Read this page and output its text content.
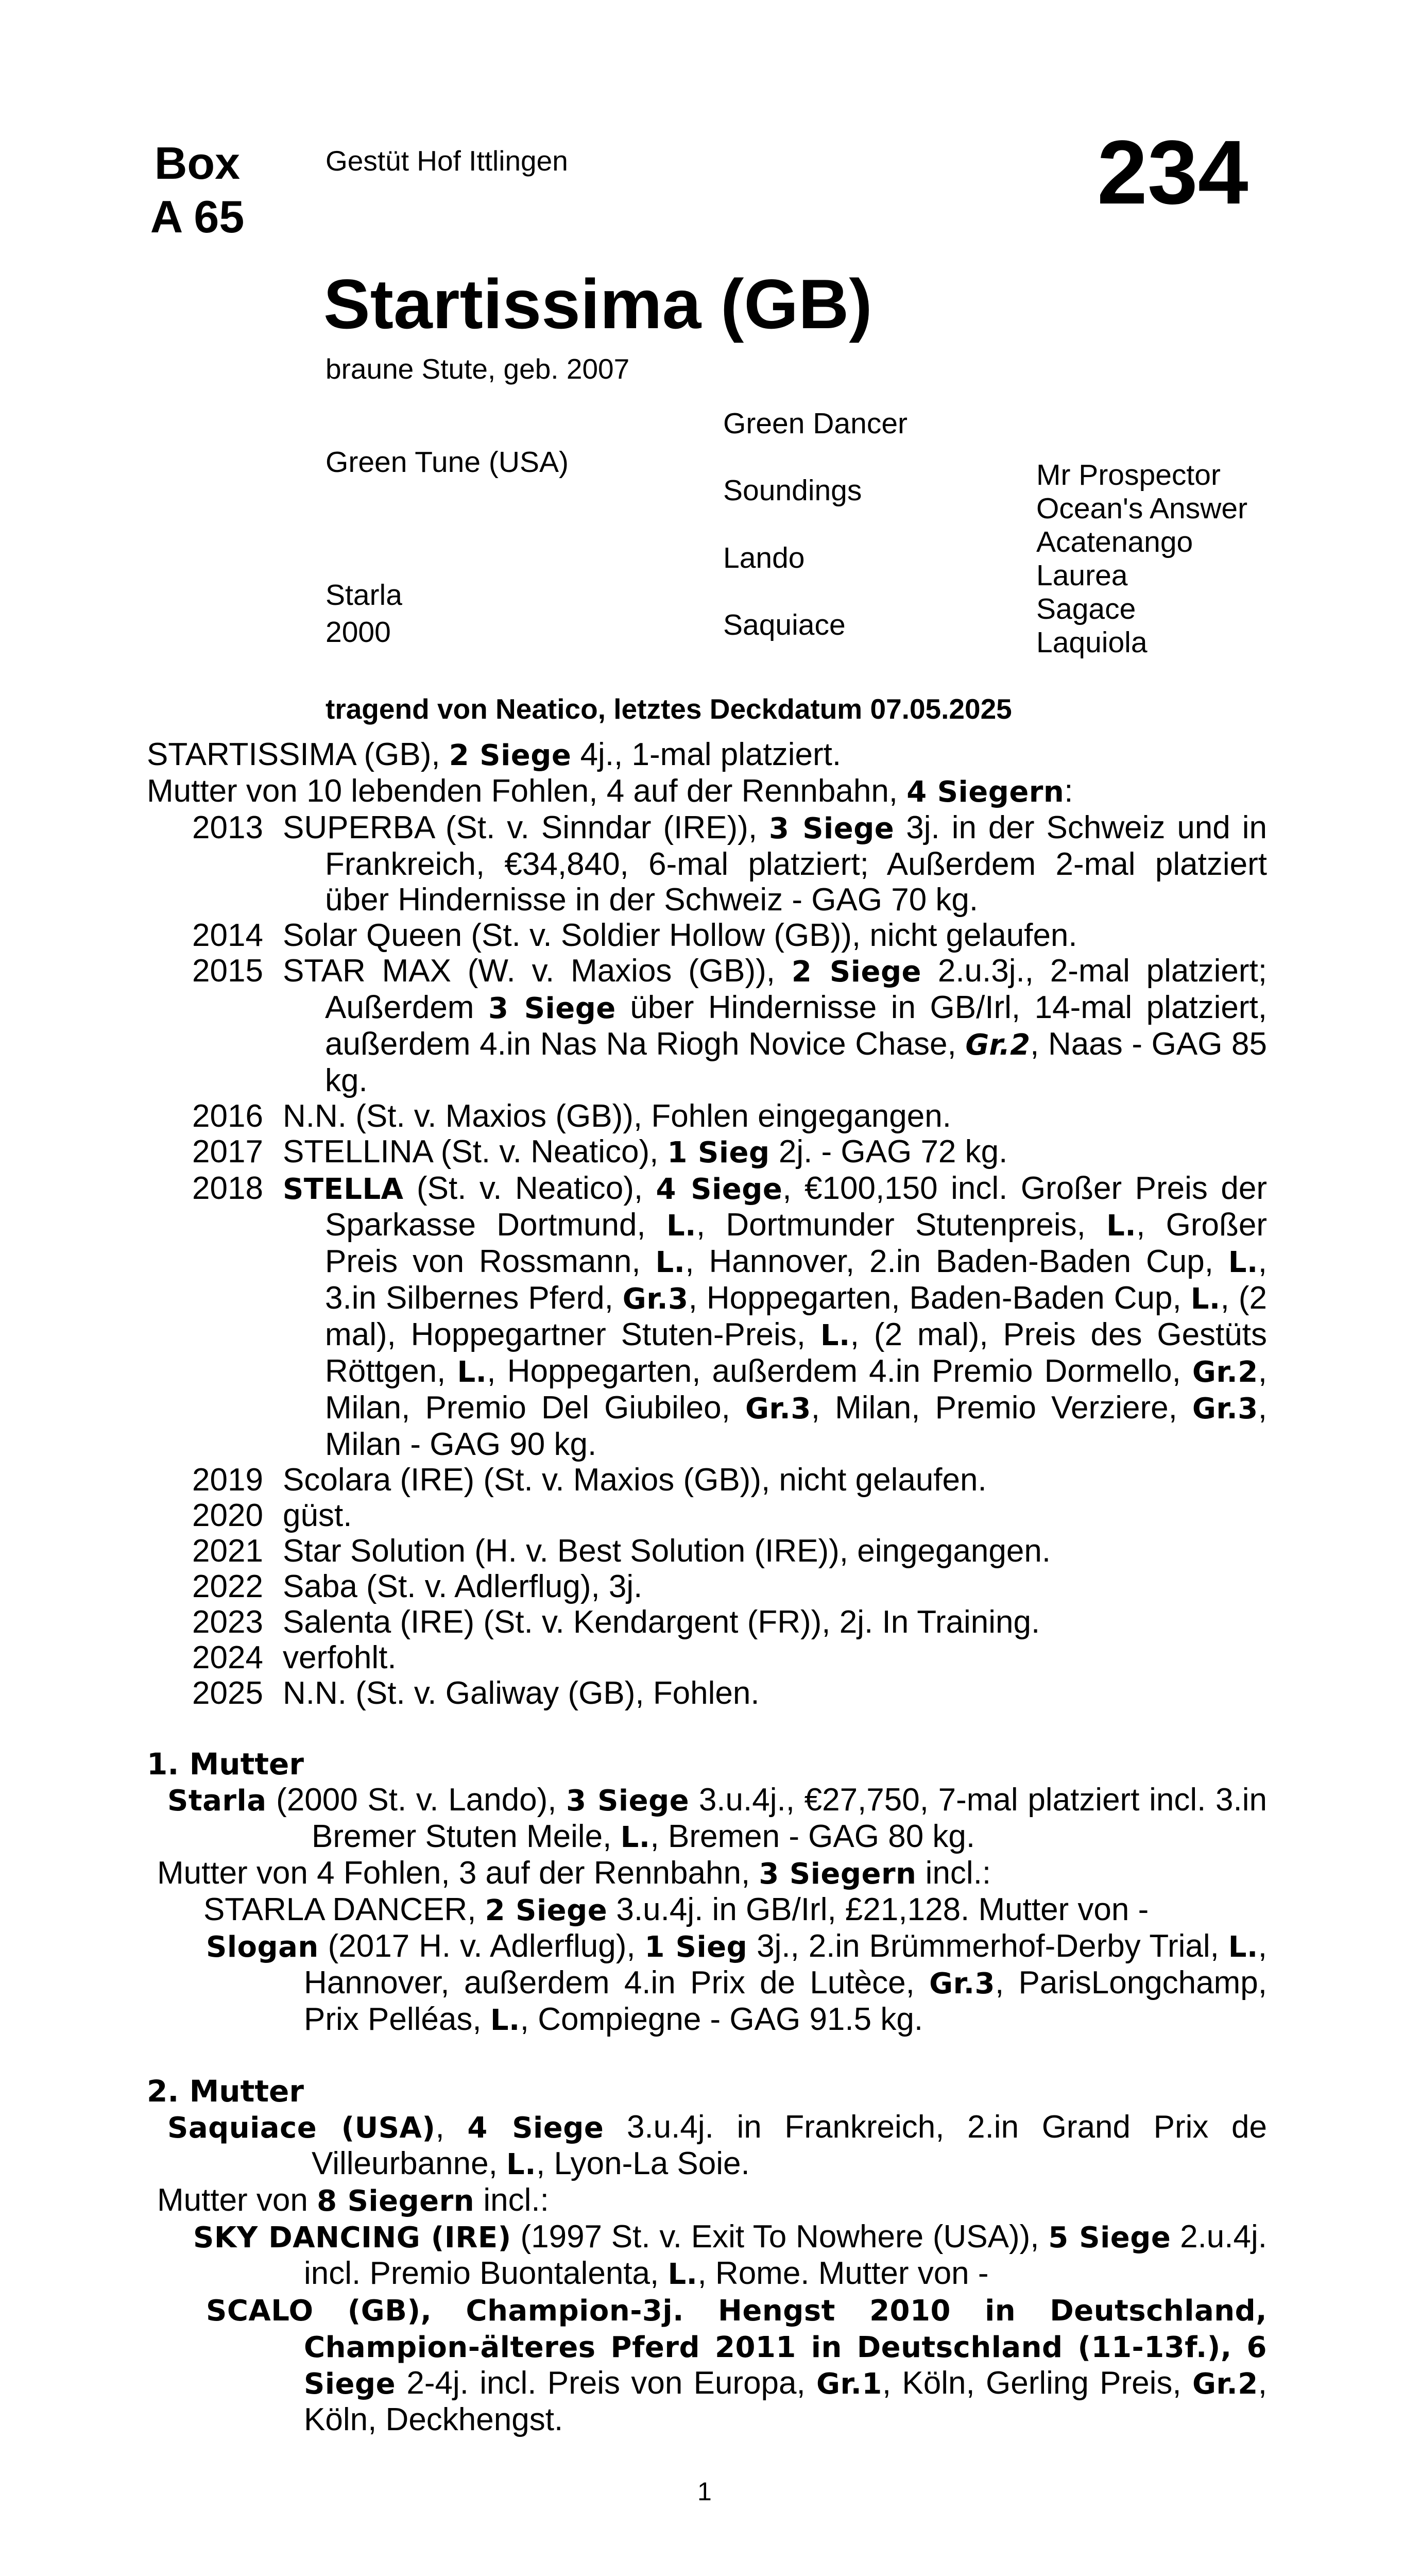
Box
A 65
Gestüt Hof Ittlingen	234
Startissima (GB)
braune Stute, geb. 2007
Green Tune (USA)
Starla
2000
Green Dancer
Soundings
Lando
Saquiace
Mr Prospector
Ocean's Answer
Acatenango
Laurea
Sagace
Laquiola
tragend von Neatico, letztes Deckdatum 07.05.2025

STARTISSIMA (GB), 2 Siege 4j., 1-mal platziert.

Mutter von 10 lebenden Fohlen, 4 auf der Rennbahn, 4 Siegern:

2013 SUPERBA (St. v. Sinndar (IRE)), 3 Siege 3j. in der Schweiz und in Frankreich, €34,840, 6-mal platziert; Außerdem 2-mal platziert über Hindernisse in der Schweiz - GAG 70 kg.

2014 Solar Queen (St. v. Soldier Hollow (GB)), nicht gelaufen.

2015 STAR MAX (W. v. Maxios (GB)), 2 Siege 2.u.3j., 2-mal platziert; Außerdem 3 Siege über Hindernisse in GB/Irl, 14-mal platziert, außerdem 4.in Nas Na Riogh Novice Chase, Gr.2, Naas - GAG 85 kg.

2016 N.N. (St. v. Maxios (GB)), Fohlen eingegangen.

2017 STELLINA (St. v. Neatico), 1 Sieg 2j. - GAG 72 kg.

2018 STELLA (St. v. Neatico), 4 Siege, €100,150 incl. Großer Preis der Sparkasse Dortmund, L., Dortmunder Stutenpreis, L., Großer Preis von Rossmann, L., Hannover, 2.in Baden-Baden Cup, L., 3.in Silbernes Pferd, Gr.3, Hoppegarten, Baden-Baden Cup, L., (2 mal), Hoppegartner Stuten-Preis, L., (2 mal), Preis des Gestüts Röttgen, L., Hoppegarten, außerdem 4.in Premio Dormello, Gr.2, Milan, Premio Del Giubileo, Gr.3, Milan, Premio Verziere, Gr.3, Milan - GAG 90 kg.

2019 Scolara (IRE) (St. v. Maxios (GB)), nicht gelaufen.

2020 güst.

2021 Star Solution (H. v. Best Solution (IRE)), eingegangen.

2022 Saba (St. v. Adlerflug), 3j.

2023 Salenta (IRE) (St. v. Kendargent (FR)), 2j. In Training.

2024 verfohlt.

2025 N.N. (St. v. Galiway (GB), Fohlen.

1. Mutter

Starla (2000 St. v. Lando), 3 Siege 3.u.4j., €27,750, 7-mal platziert incl. 3.in Bremer Stuten Meile, L., Bremen - GAG 80 kg.

Mutter von 4 Fohlen, 3 auf der Rennbahn, 3 Siegern incl.:

STARLA DANCER, 2 Siege 3.u.4j. in GB/Irl, £21,128. Mutter von -

Slogan (2017 H. v. Adlerflug), 1 Sieg 3j., 2.in Brümmerhof-Derby Trial, L., Hannover, außerdem 4.in Prix de Lutèce, Gr.3, ParisLongchamp, Prix Pelléas, L., Compiegne - GAG 91.5 kg.

2. Mutter

Saquiace (USA), 4 Siege 3.u.4j. in Frankreich, 2.in Grand Prix de Villeurbanne, L., Lyon-La Soie.

Mutter von 8 Siegern incl.:

SKY DANCING (IRE) (1997 St. v. Exit To Nowhere (USA)), 5 Siege 2.u.4j. incl. Premio Buontalenta, L., Rome. Mutter von -

SCALO (GB), Champion-3j. Hengst 2010 in Deutschland, Champion-älteres Pferd 2011 in Deutschland (11-13f.), 6 Siege 2-4j. incl. Preis von Europa, Gr.1, Köln, Gerling Preis, Gr.2, Köln, Deckhengst.

1
